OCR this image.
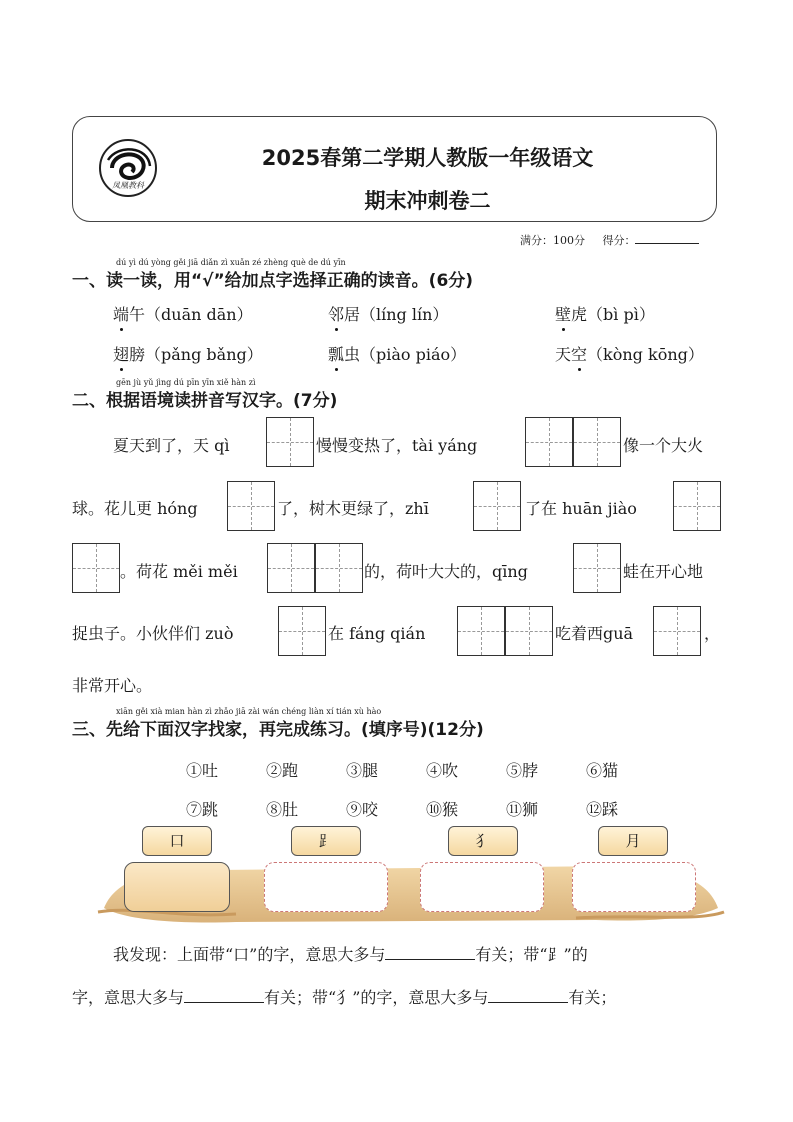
凤凰教科
2025春第二学期人教版一年级语文
期末冲刺卷二
满分：100分 得分：
dú yì dú yòng gěi jiā diǎn zì xuǎn zé zhèng què de dú yīn
一、读一读，用“√”给加点字选择正确的读音。(6分)
端午（duān dān）	邻居（líng lín）	壁虎（bì pì）
翅膀（pǎng bǎng）	瓢虫（piào piáo）	天空（kòng kōng）
gēn jù yǔ jìng dú pīn yīn xiě hàn zì
二、根据语境读拼音写汉字。(7分)
夏天到了，天 qì	慢慢变热了，tài yáng	像一个大火
球。花儿更 hóng	了，树木更绿了，zhī	了在 huān jiào
。荷花 měi měi	的，荷叶大大的，qīng	蛙在开心地
捉虫子。小伙伴们 zuò	在 fáng qián	吃着西guā	，
非常开心。
xiān gěi xià mian hàn zì zhǎo jiā zài wán chéng liàn xí tián xù hào
三、先给下面汉字找家，再完成练习。(填序号)(12分)
①吐	②跑	③腿	④吹	⑤脖	⑥猫
⑦跳	⑧肚	⑨咬	⑩猴	⑪狮	⑫踩
口	⻊	犭	月
我发现：上面带“口”的字，意思大多与	有关；带“⻊”的
字，意思大多与	有关；带“犭”的字，意思大多与	有关；
